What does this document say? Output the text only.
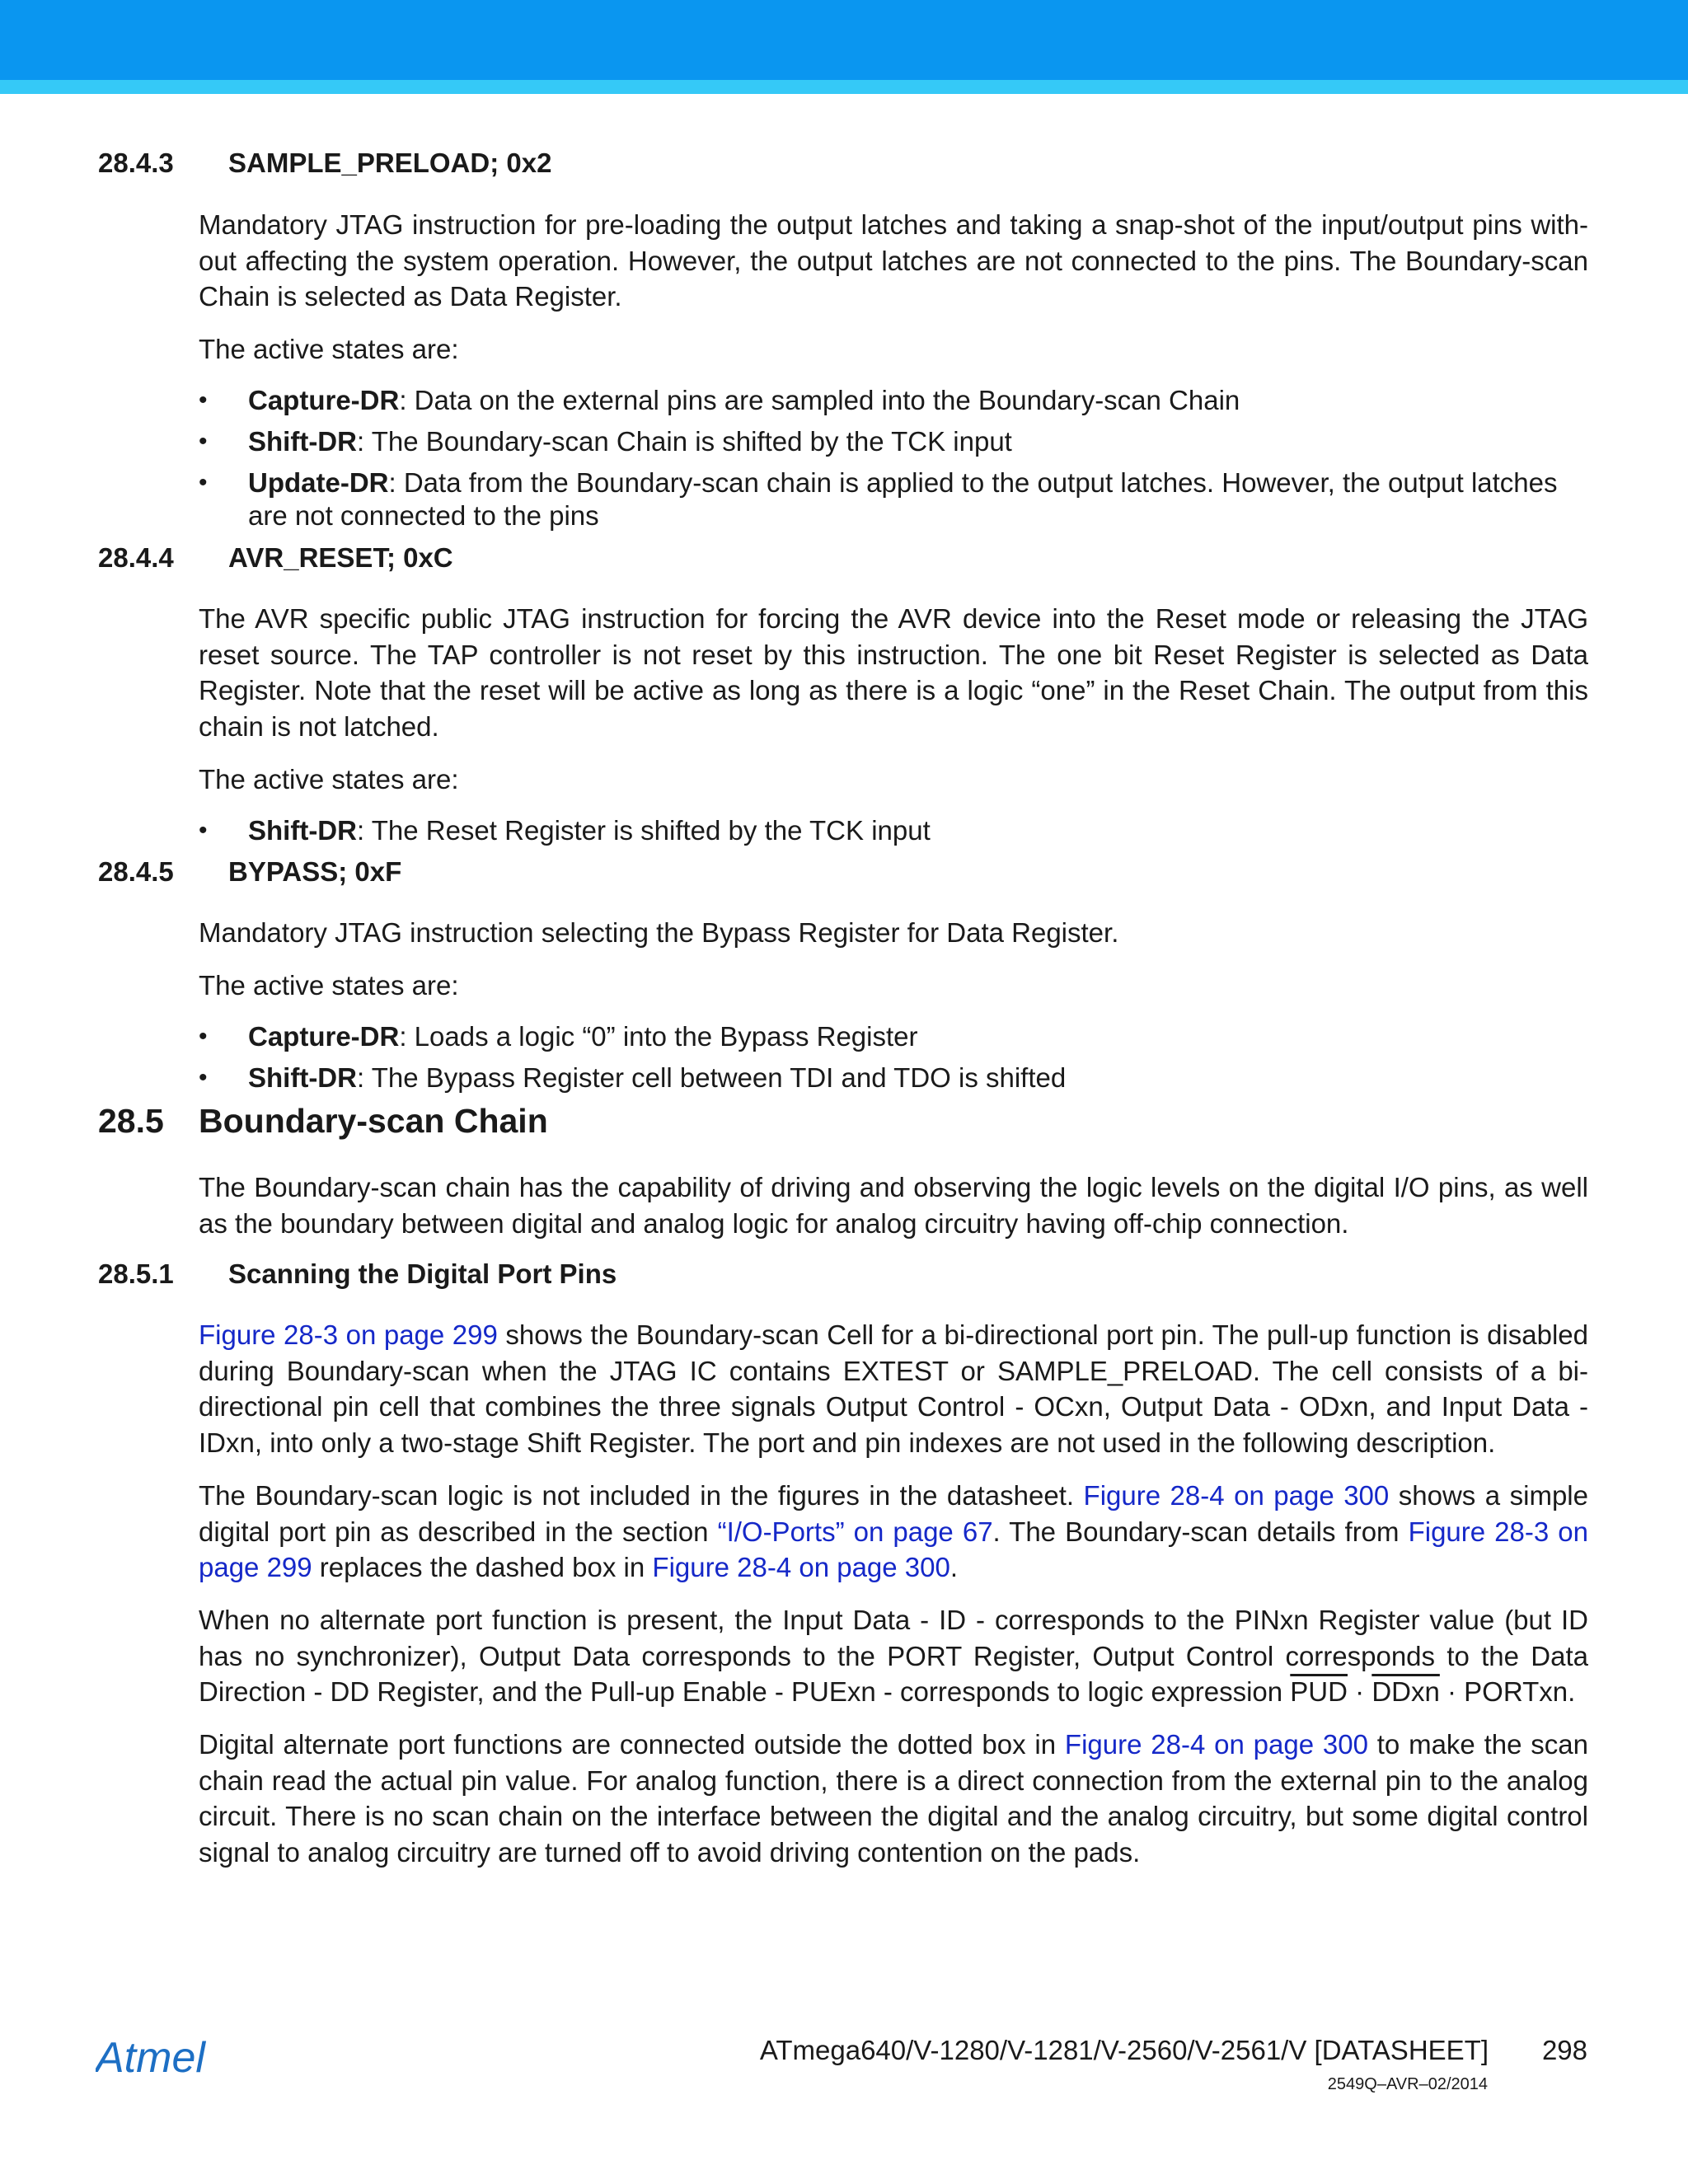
28.4.3 SAMPLE_PRELOAD; 0x2
Mandatory JTAG instruction for pre-loading the output latches and taking a snap-shot of the input/output pins with-out affecting the system operation. However, the output latches are not connected to the pins. The Boundary-scan Chain is selected as Data Register.
The active states are:
• Capture-DR: Data on the external pins are sampled into the Boundary-scan Chain
• Shift-DR: The Boundary-scan Chain is shifted by the TCK input
• Update-DR: Data from the Boundary-scan chain is applied to the output latches. However, the output latches are not connected to the pins
28.4.4 AVR_RESET; 0xC
The AVR specific public JTAG instruction for forcing the AVR device into the Reset mode or releasing the JTAG reset source. The TAP controller is not reset by this instruction. The one bit Reset Register is selected as Data Register. Note that the reset will be active as long as there is a logic “one” in the Reset Chain. The output from this chain is not latched.
The active states are:
• Shift-DR: The Reset Register is shifted by the TCK input
28.4.5 BYPASS; 0xF
Mandatory JTAG instruction selecting the Bypass Register for Data Register.
The active states are:
• Capture-DR: Loads a logic “0” into the Bypass Register
• Shift-DR: The Bypass Register cell between TDI and TDO is shifted
28.5 Boundary-scan Chain
The Boundary-scan chain has the capability of driving and observing the logic levels on the digital I/O pins, as well as the boundary between digital and analog logic for analog circuitry having off-chip connection.
28.5.1 Scanning the Digital Port Pins
Figure 28-3 on page 299 shows the Boundary-scan Cell for a bi-directional port pin. The pull-up function is disabled during Boundary-scan when the JTAG IC contains EXTEST or SAMPLE_PRELOAD. The cell consists of a bi-directional pin cell that combines the three signals Output Control - OCxn, Output Data - ODxn, and Input Data - IDxn, into only a two-stage Shift Register. The port and pin indexes are not used in the following description.
The Boundary-scan logic is not included in the figures in the datasheet. Figure 28-4 on page 300 shows a simple digital port pin as described in the section “I/O-Ports” on page 67. The Boundary-scan details from Figure 28-3 on page 299 replaces the dashed box in Figure 28-4 on page 300.
When no alternate port function is present, the Input Data - ID - corresponds to the PINxn Register value (but ID has no synchronizer), Output Data corresponds to the PORT Register, Output Control corresponds to the Data Direction - DD Register, and the Pull-up Enable - PUExn - corresponds to logic expression $\overline{PUD}$ · DDxn · PORTxn.
Digital alternate port functions are connected outside the dotted box in Figure 28-4 on page 300 to make the scan chain read the actual pin value. For analog function, there is a direct connection from the external pin to the analog circuit. There is no scan chain on the interface between the digital and the analog circuitry, but some digital control signal to analog circuitry are turned off to avoid driving contention on the pads.
Atmel	ATmega640/V-1280/V-1281/V-2560/V-2561/V [DATASHEET] 298
2549Q–AVR–02/2014
